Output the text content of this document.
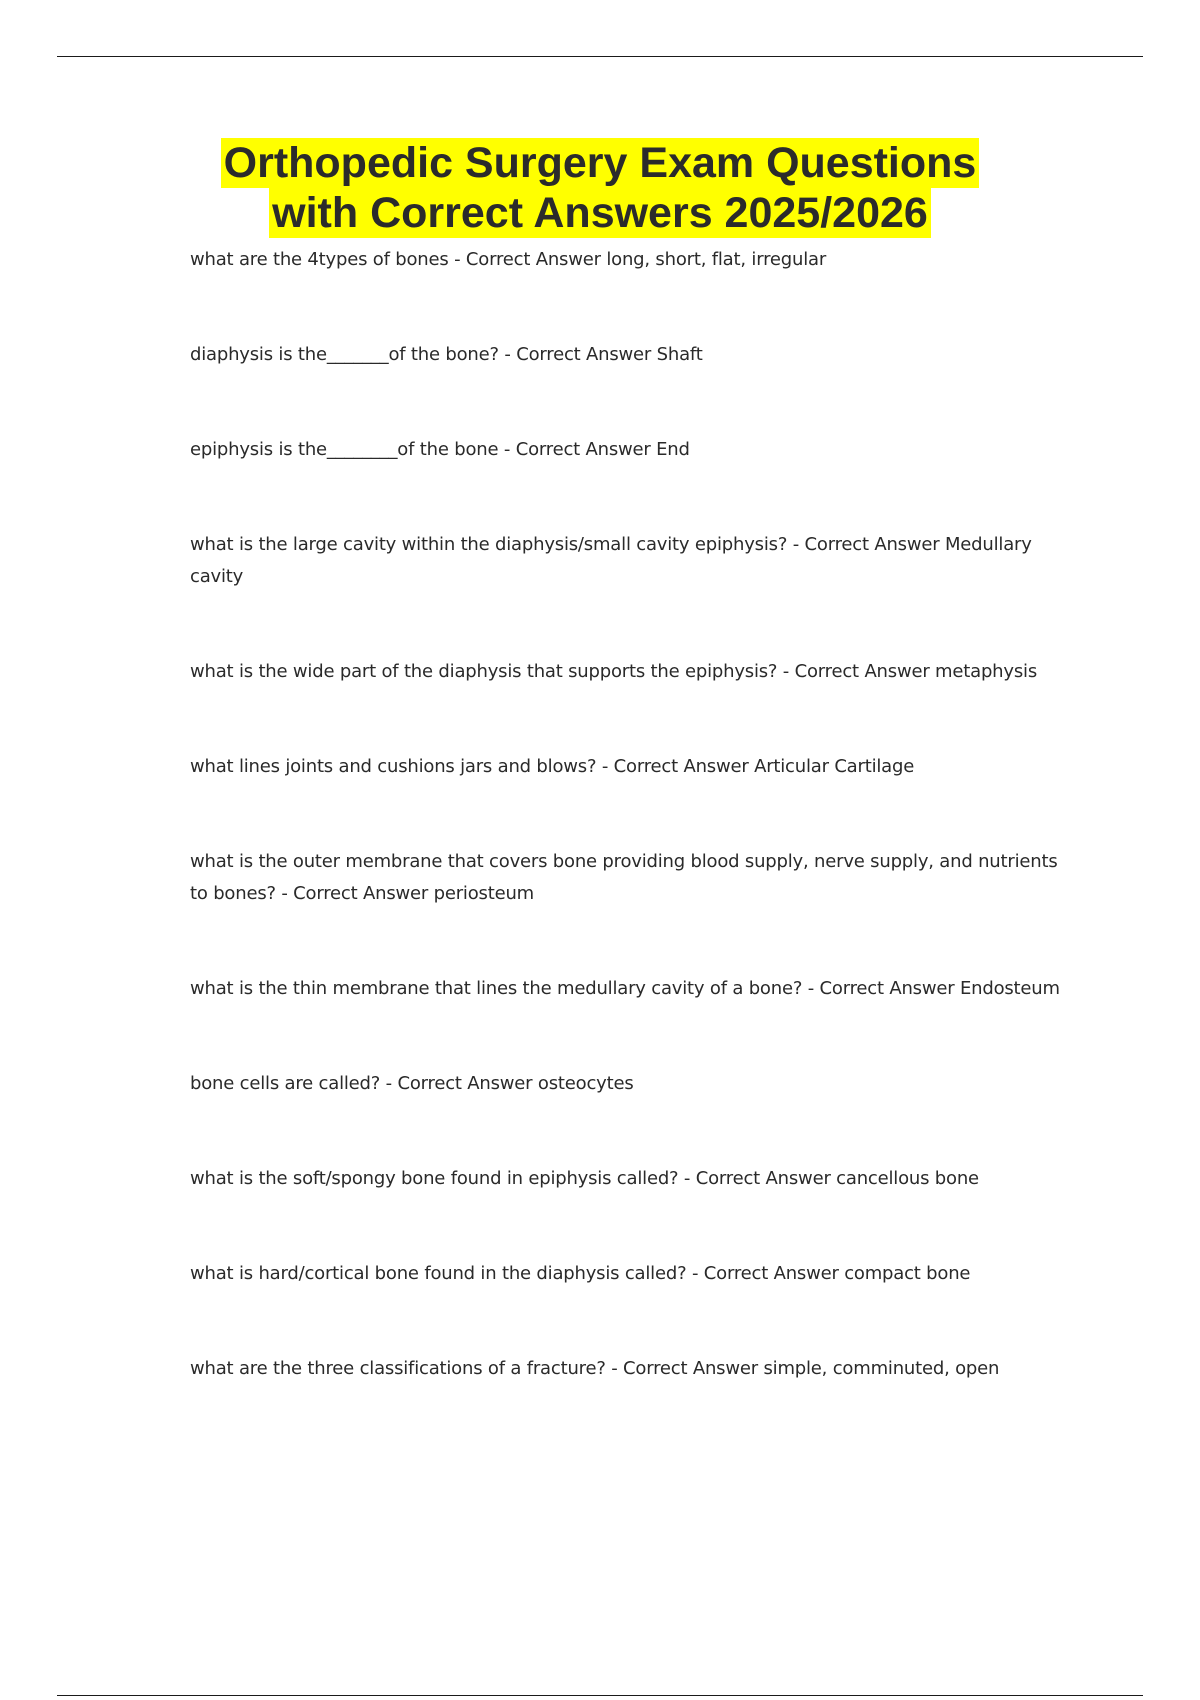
Orthopedic Surgery Exam Questions
with Correct Answers 2025/2026
what are the 4types of bones - Correct Answer long, short, flat, irregular
diaphysis is the_______of the bone? - Correct Answer Shaft
epiphysis is the________of the bone - Correct Answer End
what is the large cavity within the diaphysis/small cavity epiphysis? - Correct Answer Medullary cavity
what is the wide part of the diaphysis that supports the epiphysis? - Correct Answer metaphysis
what lines joints and cushions jars and blows? - Correct Answer Articular Cartilage
what is the outer membrane that covers bone providing blood supply, nerve supply, and nutrients to bones? - Correct Answer periosteum
what is the thin membrane that lines the medullary cavity of a bone? - Correct Answer Endosteum
bone cells are called? - Correct Answer osteocytes
what is the soft/spongy bone found in epiphysis called? - Correct Answer cancellous bone
what is hard/cortical bone found in the diaphysis called? - Correct Answer compact bone
what are the three classifications of a fracture? - Correct Answer simple, comminuted, open
